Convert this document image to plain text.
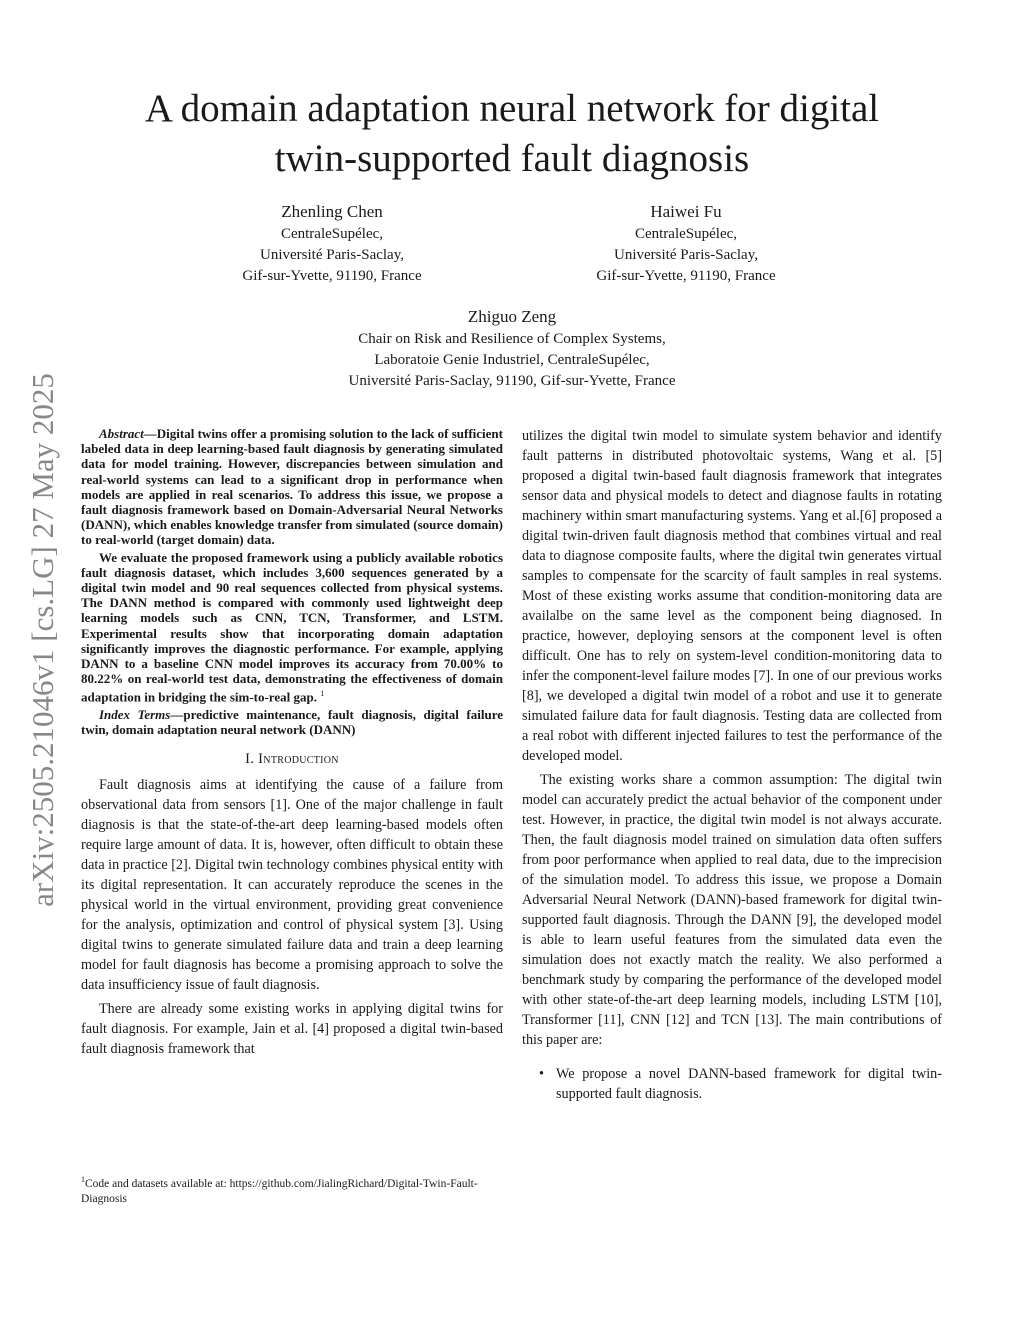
A domain adaptation neural network for digital
twin-supported fault diagnosis
Zhenling Chen
CentraleSupélec,
Université Paris-Saclay,
Gif-sur-Yvette, 91190, France
Haiwei Fu
CentraleSupélec,
Université Paris-Saclay,
Gif-sur-Yvette, 91190, France
Zhiguo Zeng
Chair on Risk and Resilience of Complex Systems,
Laboratoie Genie Industriel, CentraleSupélec,
Université Paris-Saclay, 91190, Gif-sur-Yvette, France
arXiv:2505.21046v1 [cs.LG] 27 May 2025	Abstract—Digital twins offer a promising solution to the lack of sufficient labeled data in deep learning-based fault diagnosis by generating simulated data for model training. However, discrepancies between simulation and real-world systems can lead to a significant drop in performance when models are applied in real scenarios. To address this issue, we propose a fault diagnosis framework based on Domain-Adversarial Neural Networks (DANN), which enables knowledge transfer from simulated (source domain) to real-world (target domain) data.

We evaluate the proposed framework using a publicly available robotics fault diagnosis dataset, which includes 3,600 sequences generated by a digital twin model and 90 real sequences collected from physical systems. The DANN method is compared with commonly used lightweight deep learning models such as CNN, TCN, Transformer, and LSTM. Experimental results show that incorporating domain adaptation significantly improves the diagnostic performance. For example, applying DANN to a baseline CNN model improves its accuracy from 70.00% to 80.22% on real-world test data, demonstrating the effectiveness of domain adaptation in bridging the sim-to-real gap. $^1$

Index Terms—predictive maintenance, fault diagnosis, digital failure twin, domain adaptation neural network (DANN)

I. Introduction

Fault diagnosis aims at identifying the cause of a failure from observational data from sensors [1]. One of the major challenge in fault diagnosis is that the state-of-the-art deep learning-based models often require large amount of data. It is, however, often difficult to obtain these data in practice [2]. Digital twin technology combines physical entity with its digital representation. It can accurately reproduce the scenes in the physical world in the virtual environment, providing great convenience for the analysis, optimization and control of physical system [3]. Using digital twins to generate simulated failure data and train a deep learning model for fault diagnosis has become a promising approach to solve the data insufficiency issue of fault diagnosis.

There are already some existing works in applying digital twins for fault diagnosis. For example, Jain et al. [4] proposed a digital twin-based fault diagnosis framework that

$^1$Code and datasets available at: https://github.com/JialingRichard/Digital-Twin-Fault-Diagnosis

utilizes the digital twin model to simulate system behavior and identify fault patterns in distributed photovoltaic systems, Wang et al. [5] proposed a digital twin-based fault diagnosis framework that integrates sensor data and physical models to detect and diagnose faults in rotating machinery within smart manufacturing systems. Yang et al.[6] proposed a digital twin-driven fault diagnosis method that combines virtual and real data to diagnose composite faults, where the digital twin generates virtual samples to compensate for the scarcity of fault samples in real systems. Most of these existing works assume that condition-monitoring data are availalbe on the same level as the component being diagnosed. In practice, however, deploying sensors at the component level is often difficult. One has to rely on system-level condition-monitoring data to infer the component-level failure modes [7]. In one of our previous works [8], we developed a digital twin model of a robot and use it to generate simulated failure data for fault diagnosis. Testing data are collected from a real robot with different injected failures to test the performance of the developed model.

The existing works share a common assumption: The digital twin model can accurately predict the actual behavior of the component under test. However, in practice, the digital twin model is not always accurate. Then, the fault diagnosis model trained on simulation data often suffers from poor performance when applied to real data, due to the imprecision of the simulation model. To address this issue, we propose a Domain Adversarial Neural Network (DANN)-based framework for digital twin-supported fault diagnosis. Through the DANN [9], the developed model is able to learn useful features from the simulated data even the simulation does not exactly match the reality. We also performed a benchmark study by comparing the performance of the developed model with other state-of-the-art deep learning models, including LSTM [10], Transformer [11], CNN [12] and TCN [13]. The main contributions of this paper are:

• We propose a novel DANN-based framework for digital twin-supported fault diagnosis.
